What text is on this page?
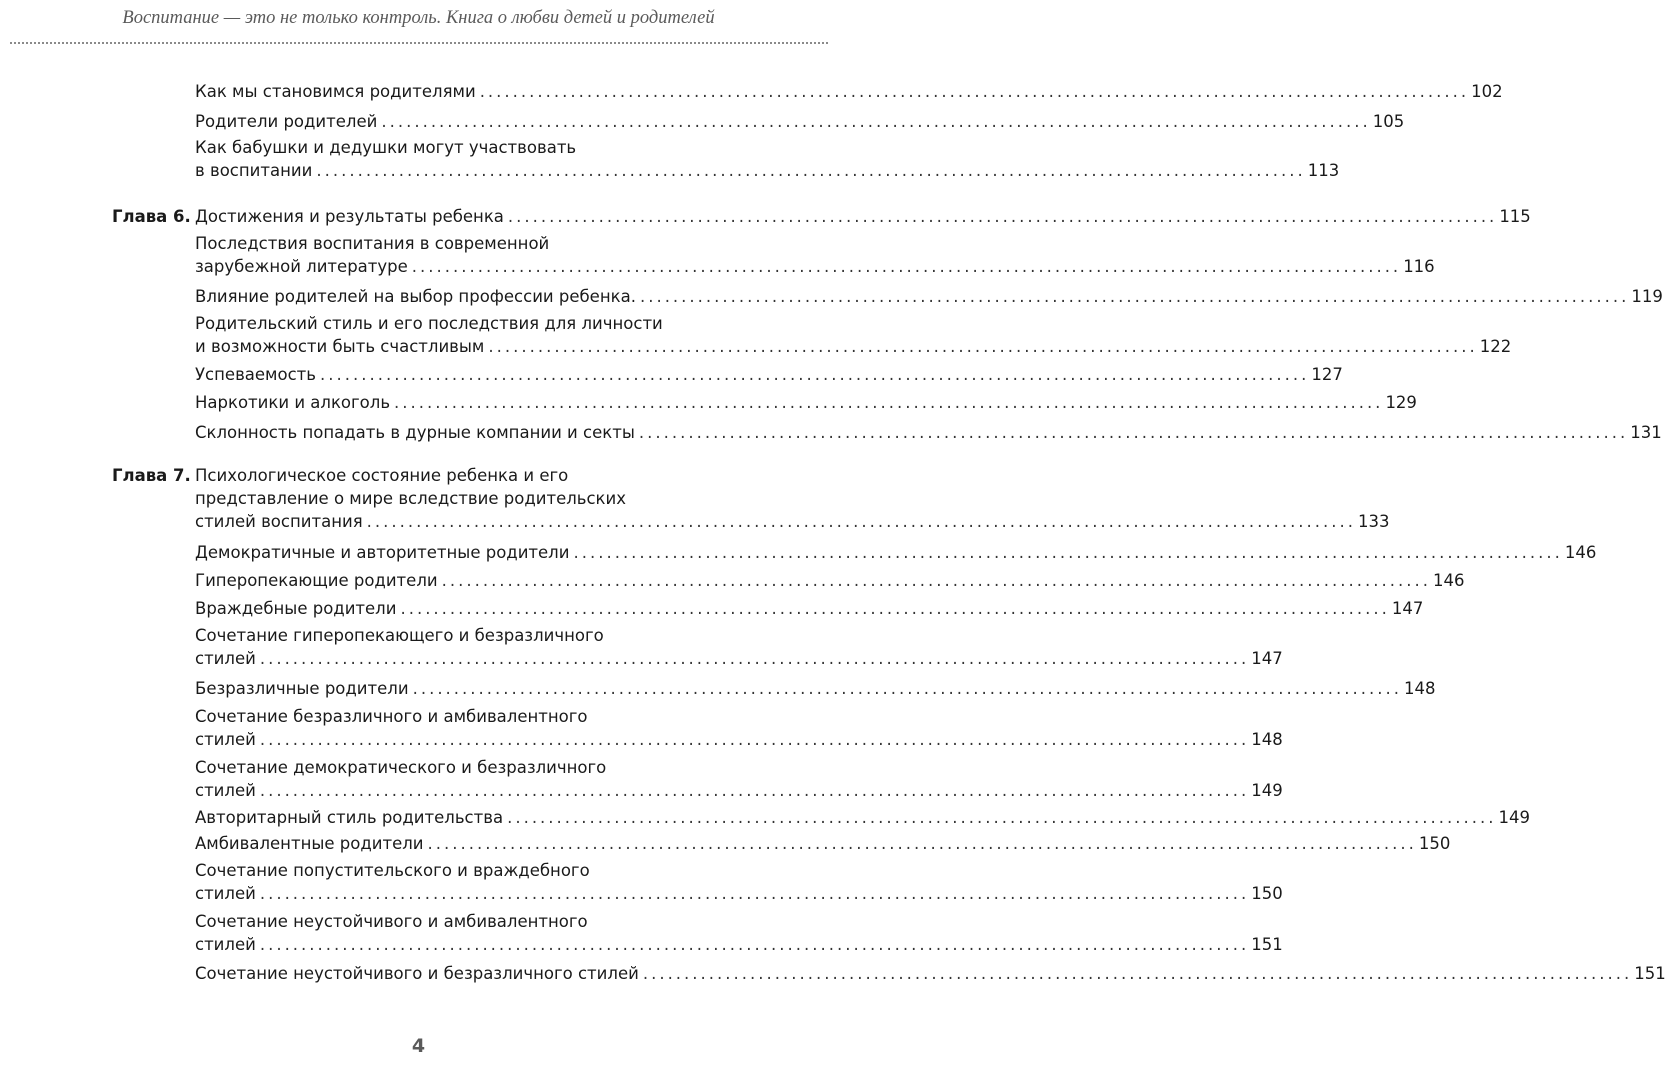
Воспитание — это не только контроль. Книга о любви детей и родителей
Как мы становимся родителями ........................................................................................................................ 102
Родители родителей ........................................................................................................................ 105
Как бабушки и дедушки могут участвовать
в воспитании ........................................................................................................................ 113
Глава 6. Достижения и результаты ребенка ........................................................................................................................ 115
Последствия воспитания в современной
зарубежной литературе ........................................................................................................................ 116
Влияние родителей на выбор профессии ребенка. ........................................................................................................................ 119
Родительский стиль и его последствия для личности
и возможности быть счастливым ........................................................................................................................ 122
Успеваемость ........................................................................................................................ 127
Наркотики и алкоголь ........................................................................................................................ 129
Склонность попадать в дурные компании и секты ........................................................................................................................ 131
Глава 7. Психологическое состояние ребенка и его
представление о мире вследствие родительских
стилей воспитания ........................................................................................................................ 133
Демократичные и авторитетные родители ........................................................................................................................ 146
Гиперопекающие родители ........................................................................................................................ 146
Враждебные родители ........................................................................................................................ 147
Сочетание гиперопекающего и безразличного
стилей ........................................................................................................................ 147
Безразличные родители ........................................................................................................................ 148
Сочетание безразличного и амбивалентного
стилей ........................................................................................................................ 148
Сочетание демократического и безразличного
стилей ........................................................................................................................ 149
Авторитарный стиль родительства ........................................................................................................................ 149
Амбивалентные родители ........................................................................................................................ 150
Сочетание попустительского и враждебного
стилей ........................................................................................................................ 150
Сочетание неустойчивого и амбивалентного
стилей ........................................................................................................................ 151
Сочетание неустойчивого и безразличного стилей ........................................................................................................................ 151
4
